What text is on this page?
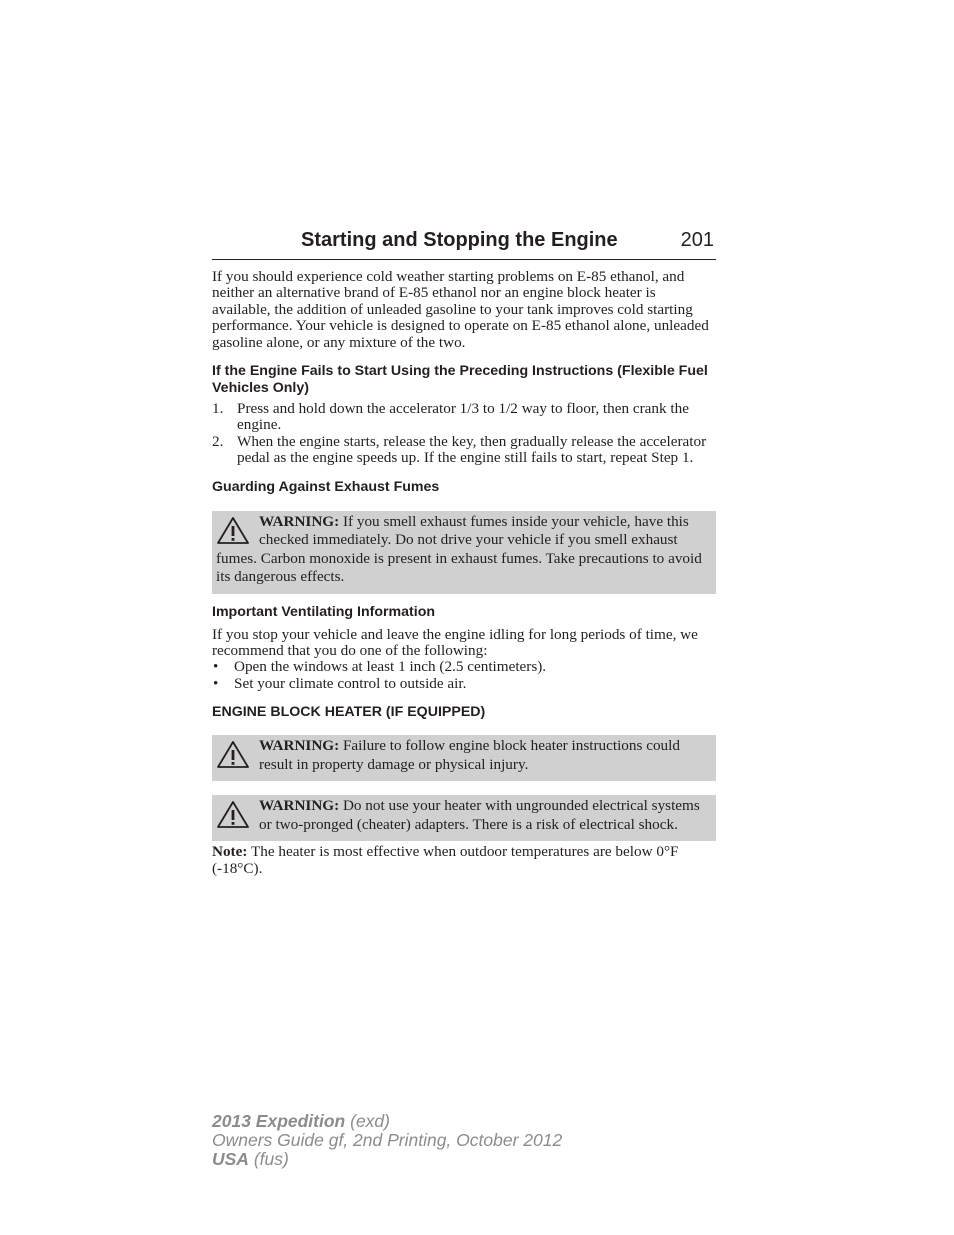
Starting and Stopping the Engine	201

If you should experience cold weather starting problems on E-85 ethanol, and neither an alternative brand of E-85 ethanol nor an engine block heater is available, the addition of unleaded gasoline to your tank improves cold starting performance. Your vehicle is designed to operate on E-85 ethanol alone, unleaded gasoline alone, or any mixture of the two.

If the Engine Fails to Start Using the Preceding Instructions (Flexible Fuel Vehicles Only)
1. Press and hold down the accelerator 1/3 to 1/2 way to floor, then crank the engine.
2. When the engine starts, release the key, then gradually release the accelerator pedal as the engine speeds up. If the engine still fails to start, repeat Step 1.
Guarding Against Exhaust Fumes

WARNING: If you smell exhaust fumes inside your vehicle, have this checked immediately. Do not drive your vehicle if you smell exhaust fumes. Carbon monoxide is present in exhaust fumes. Take precautions to avoid its dangerous effects.

Important Ventilating Information

If you stop your vehicle and leave the engine idling for long periods of time, we recommend that you do one of the following:

• Open the windows at least 1 inch (2.5 centimeters).
• Set your climate control to outside air.
ENGINE BLOCK HEATER (IF EQUIPPED)

WARNING: Failure to follow engine block heater instructions could result in property damage or physical injury.

WARNING: Do not use your heater with ungrounded electrical systems or two-pronged (cheater) adapters. There is a risk of electrical shock.

Note: The heater is most effective when outdoor temperatures are below 0°F (-18°C).

2013 Expedition (exd)
Owners Guide gf, 2nd Printing, October 2012
USA (fus)
